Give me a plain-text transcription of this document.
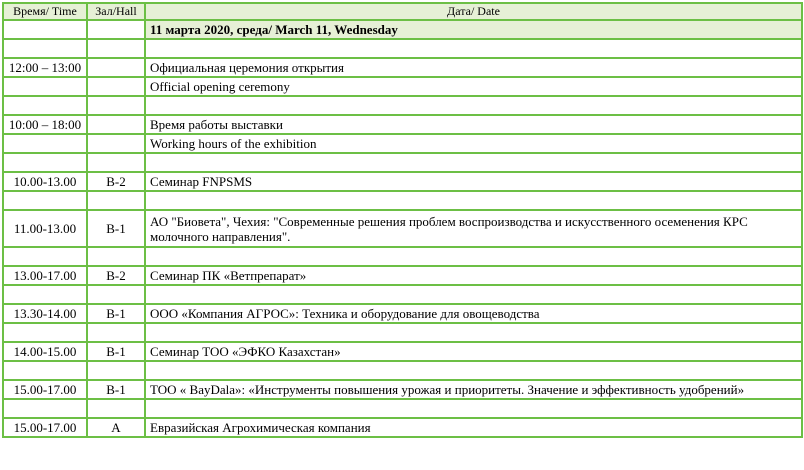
Время/ Time	Зал/Hall	Дата/ Date
		11 марта 2020, среда/ March 11, Wednesday

12:00 – 13:00		Официальная церемония открытия
		Official opening ceremony

10:00 – 18:00		Время работы выставки
		Working hours of the exhibition

10.00-13.00	В-2	Семинар FNPSMS

11.00-13.00	В-1	АО "Биовета", Чехия: "Современные решения проблем воспроизводства и искусственного осеменения КРС молочного направления".

13.00-17.00	В-2	Семинар ПК «Ветпрепарат»

13.30-14.00	В-1	ООО «Компания АГРОС»: Техника и оборудование для овощеводства

14.00-15.00	В-1	Семинар ТОО «ЭФКО Казахстан»

15.00-17.00	В-1	ТОО « BayDala»: «Инструменты повышения урожая и приоритеты. Значение и эффективность удобрений»

15.00-17.00	А	Евразийская Агрохимическая компания
